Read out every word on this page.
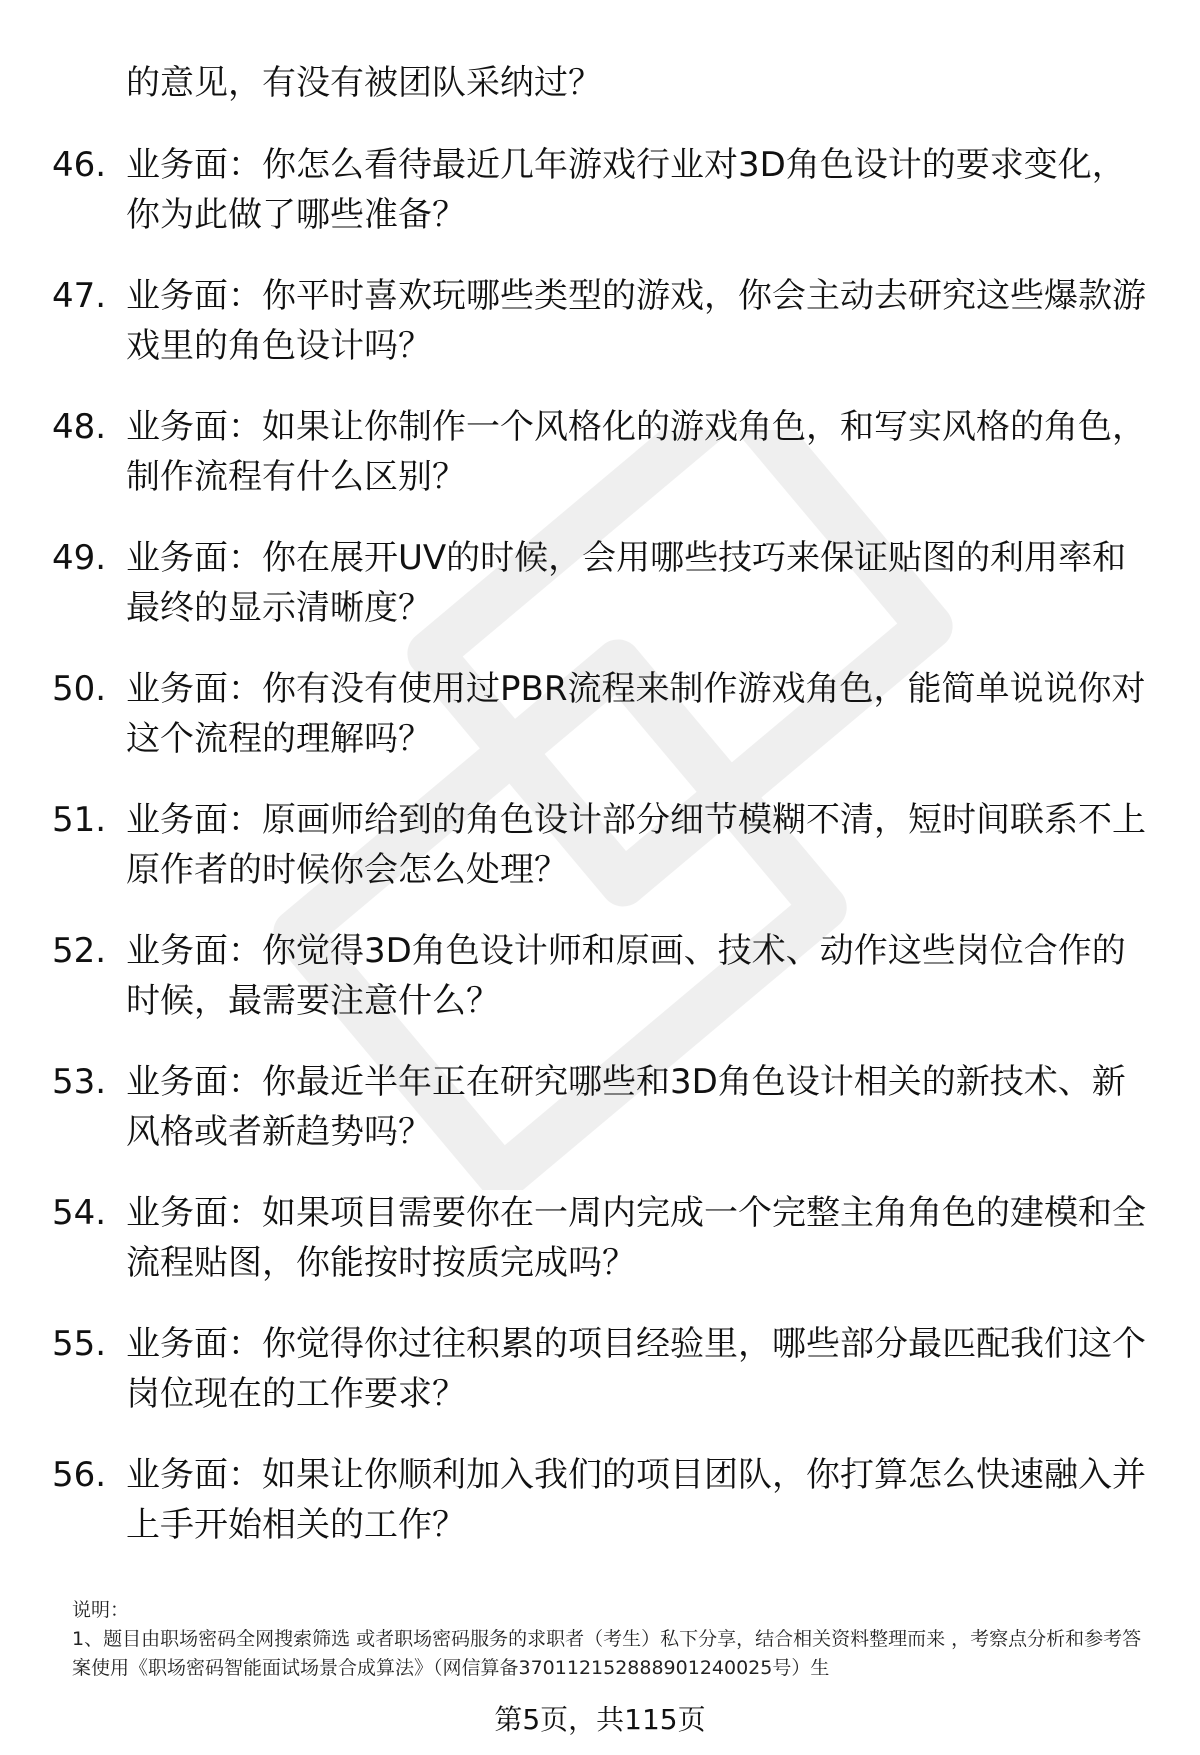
的意见，有没有被团队采纳过？
46. 业务面：你怎么看待最近几年游戏行业对3D角色设计的要求变化，你为此做了哪些准备？
47. 业务面：你平时喜欢玩哪些类型的游戏，你会主动去研究这些爆款游戏里的角色设计吗？
48. 业务面：如果让你制作一个风格化的游戏角色，和写实风格的角色，制作流程有什么区别？
49. 业务面：你在展开UV的时候，会用哪些技巧来保证贴图的利用率和最终的显示清晰度？
50. 业务面：你有没有使用过PBR流程来制作游戏角色，能简单说说你对这个流程的理解吗？
51. 业务面：原画师给到的角色设计部分细节模糊不清，短时间联系不上原作者的时候你会怎么处理？
52. 业务面：你觉得3D角色设计师和原画、技术、动作这些岗位合作的时候，最需要注意什么？
53. 业务面：你最近半年正在研究哪些和3D角色设计相关的新技术、新风格或者新趋势吗？
54. 业务面：如果项目需要你在一周内完成一个完整主角角色的建模和全流程贴图，你能按时按质完成吗？
55. 业务面：你觉得你过往积累的项目经验里，哪些部分最匹配我们这个岗位现在的工作要求？
56. 业务面：如果让你顺利加入我们的项目团队，你打算怎么快速融入并上手开始相关的工作？
说明：
1、题目由职场密码全网搜索筛选 或者职场密码服务的求职者（考生）私下分享，结合相关资料整理而来 ，考察点分析和参考答案使用《职场密码智能面试场景合成算法》（网信算备370112152888901240025号）生
第5页，共115页
